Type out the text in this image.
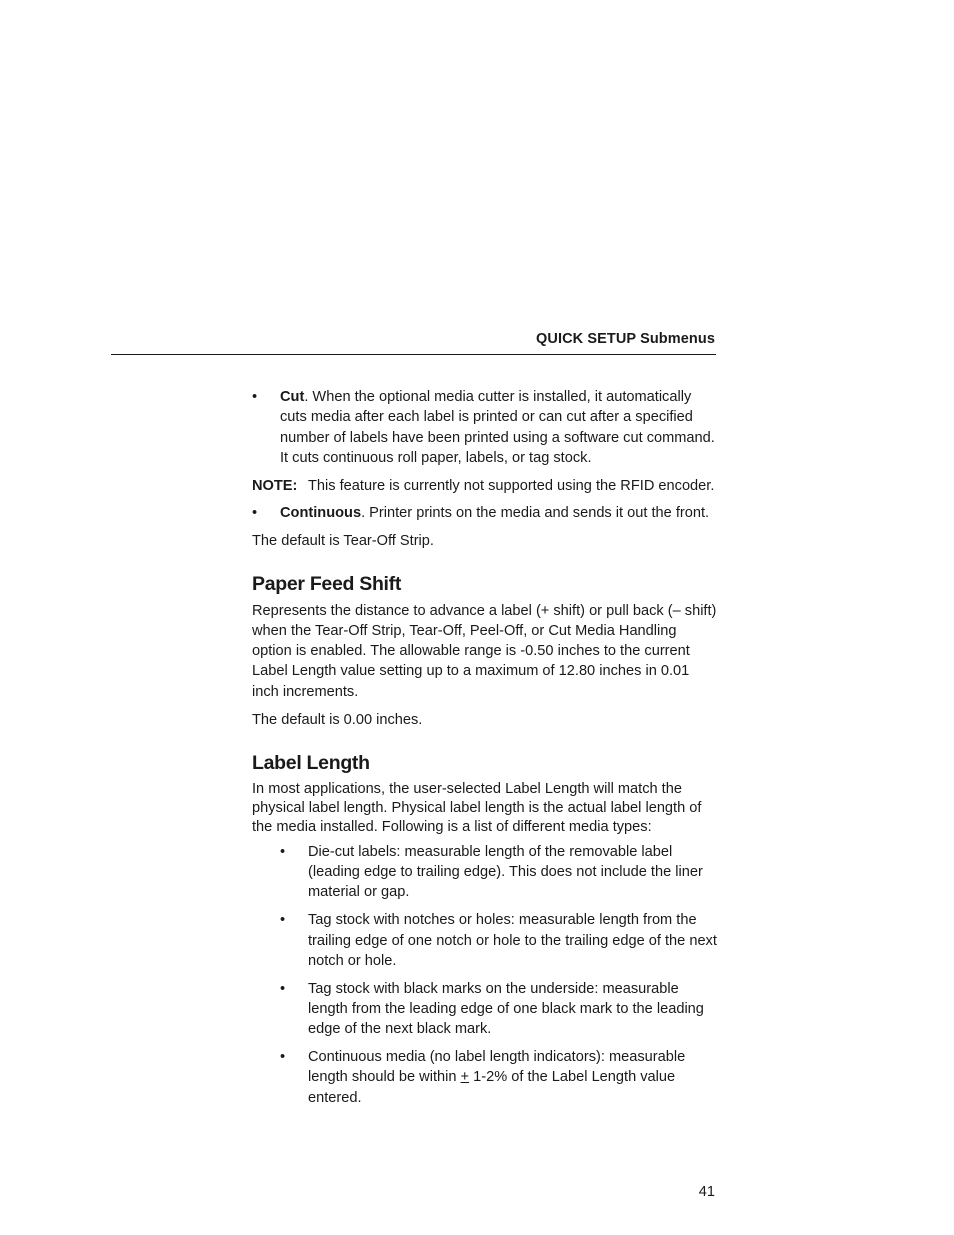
QUICK SETUP Submenus
• Cut. When the optional media cutter is installed, it automatically cuts media after each label is printed or can cut after a specified number of labels have been printed using a software cut command. It cuts continuous roll paper, labels, or tag stock.

NOTE: This feature is currently not supported using the RFID encoder.

• Continuous. Printer prints on the media and sends it out the front.

The default is Tear-Off Strip.

Paper Feed Shift

Represents the distance to advance a label (+ shift) or pull back (– shift) when the Tear-Off Strip, Tear-Off, Peel-Off, or Cut Media Handling option is enabled. The allowable range is -0.50 inches to the current Label Length value setting up to a maximum of 12.80 inches in 0.01 inch increments.

The default is 0.00 inches.

Label Length

In most applications, the user-selected Label Length will match the physical label length. Physical label length is the actual label length of the media installed. Following is a list of different media types:

• Die-cut labels: measurable length of the removable label (leading edge to trailing edge). This does not include the liner material or gap.

• Tag stock with notches or holes: measurable length from the trailing edge of one notch or hole to the trailing edge of the next notch or hole.

• Tag stock with black marks on the underside: measurable length from the leading edge of one black mark to the leading edge of the next black mark.

• Continuous media (no label length indicators): measurable length should be within + 1-2% of the Label Length value entered.

41
